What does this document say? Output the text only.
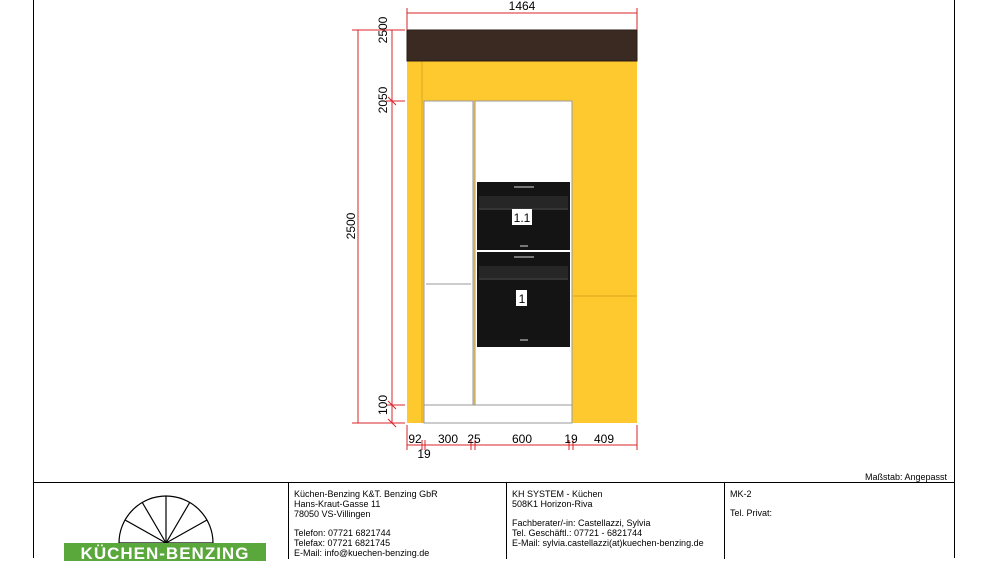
1.1
1
1464
2500
2050
2500
100
92 300 25	600	19 409
19
Maßstab: Angepasst
KÜCHEN-BENZING
Küchen-Benzing K&T. Benzing GbR
Hans-Kraut-Gasse 11
78050 VS-Villingen
Telefon: 07721 6821744
Telefax: 07721 6821745
E-Mail: info@kuechen-benzing.de
KH SYSTEM - Küchen
508K1 Horizon-Riva
Fachberater/-in: Castellazzi, Sylvia
Tel. Geschäftl.: 07721 - 6821744
E-Mail: sylvia.castellazzi(at)kuechen-benzing.de
MK-2
Tel. Privat:
